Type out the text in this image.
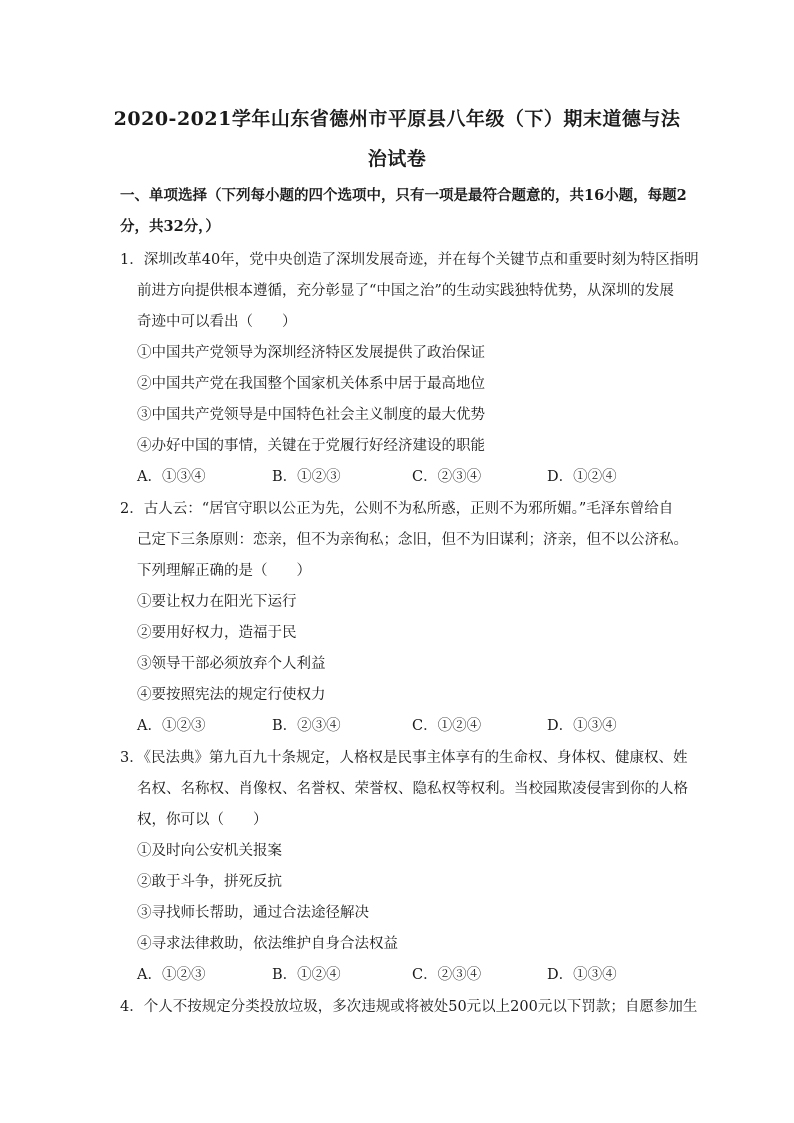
2020-2021学年山东省德州市平原县八年级（下）期末道德与法
治试卷
一、单项选择（下列每小题的四个选项中，只有一项是最符合题意的，共16小题，每题2
分，共32分，）
1．深圳改革40年，党中央创造了深圳发展奇迹，并在每个关键节点和重要时刻为特区指明
前进方向提供根本遵循，充分彰显了“中国之治”的生动实践独特优势，从深圳的发展
奇迹中可以看出（　　）
①中国共产党领导为深圳经济特区发展提供了政治保证
②中国共产党在我国整个国家机关体系中居于最高地位
③中国共产党领导是中国特色社会主义制度的最大优势
④办好中国的事情，关键在于党履行好经济建设的职能
A．①③④	B．①②③	C．②③④	D．①②④
2．古人云：“居官守职以公正为先，公则不为私所惑，正则不为邪所媚。”毛泽东曾给自
己定下三条原则：恋亲，但不为亲徇私；念旧，但不为旧谋利；济亲，但不以公济私。
下列理解正确的是（　　）
①要让权力在阳光下运行
②要用好权力，造福于民
③领导干部必须放弃个人利益
④要按照宪法的规定行使权力
A．①②③	B．②③④	C．①②④	D．①③④
3．《民法典》第九百九十条规定，人格权是民事主体享有的生命权、身体权、健康权、姓
名权、名称权、肖像权、名誉权、荣誉权、隐私权等权利。当校园欺凌侵害到你的人格
权，你可以（　　）
①及时向公安机关报案
②敢于斗争，拼死反抗
③寻找师长帮助，通过合法途径解决
④寻求法律救助，依法维护自身合法权益
A．①②③	B．①②④	C．②③④	D．①③④
4．个人不按规定分类投放垃圾，多次违规或将被处50元以上200元以下罚款；自愿参加生
